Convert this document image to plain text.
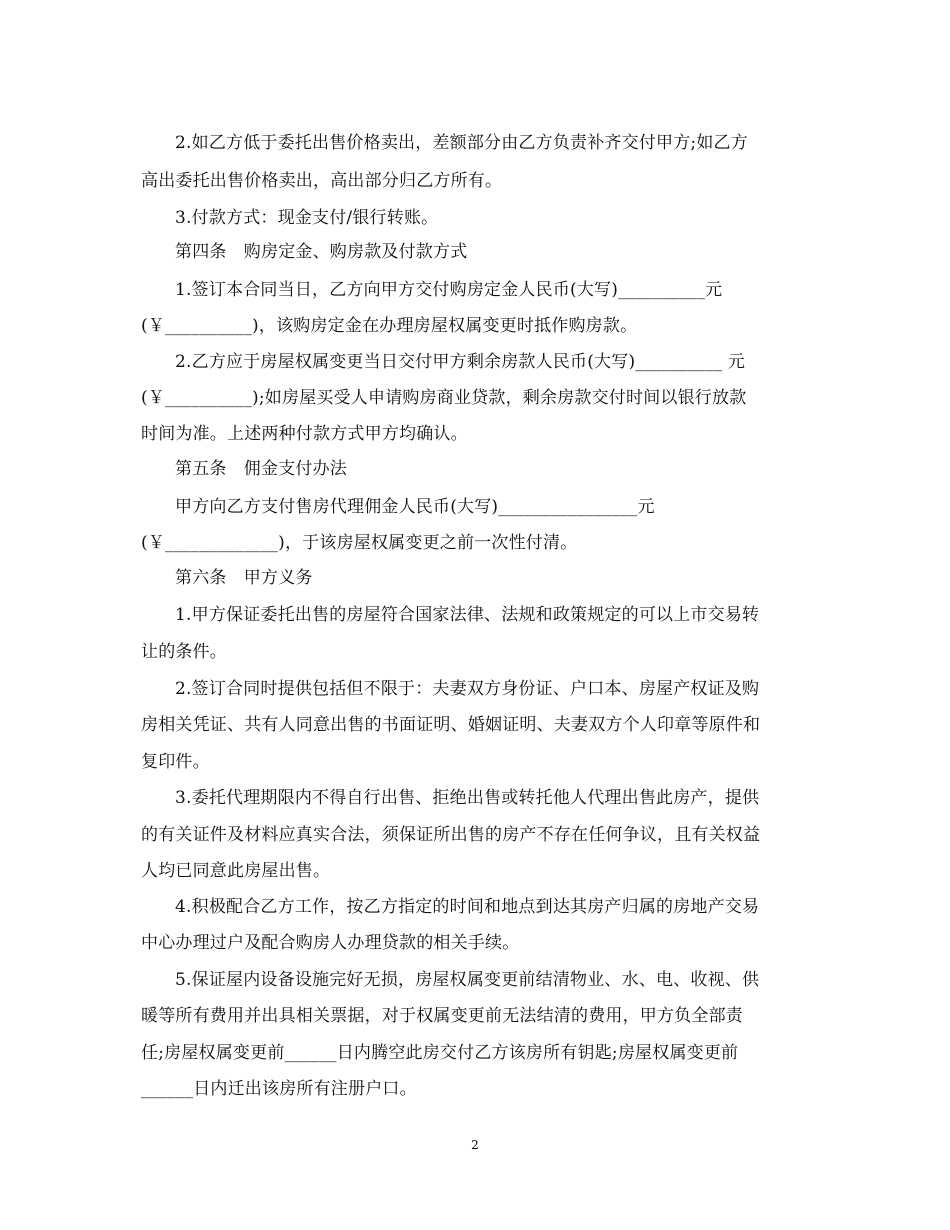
2.如乙方低于委托出售价格卖出，差额部分由乙方负责补齐交付甲方;如乙方
高出委托出售价格卖出，高出部分归乙方所有。
3.付款方式：现金支付/银行转账。
第四条　购房定金、购房款及付款方式
1.签订本合同当日，乙方向甲方交付购房定金人民币(大写)__________元
(￥__________)，该购房定金在办理房屋权属变更时抵作购房款。
2.乙方应于房屋权属变更当日交付甲方剩余房款人民币(大写)__________ 元
(￥__________);如房屋买受人申请购房商业贷款，剩余房款交付时间以银行放款
时间为准。上述两种付款方式甲方均确认。
第五条　佣金支付办法
甲方向乙方支付售房代理佣金人民币(大写)________________元
(￥_____________)，于该房屋权属变更之前一次性付清。
第六条　甲方义务
1.甲方保证委托出售的房屋符合国家法律、法规和政策规定的可以上市交易转
让的条件。
2.签订合同时提供包括但不限于：夫妻双方身份证、户口本、房屋产权证及购
房相关凭证、共有人同意出售的书面证明、婚姻证明、夫妻双方个人印章等原件和
复印件。
3.委托代理期限内不得自行出售、拒绝出售或转托他人代理出售此房产，提供
的有关证件及材料应真实合法，须保证所出售的房产不存在任何争议，且有关权益
人均已同意此房屋出售。
4.积极配合乙方工作，按乙方指定的时间和地点到达其房产归属的房地产交易
中心办理过户及配合购房人办理贷款的相关手续。
5.保证屋内设备设施完好无损，房屋权属变更前结清物业、水、电、收视、供
暖等所有费用并出具相关票据，对于权属变更前无法结清的费用，甲方负全部责
任;房屋权属变更前______日内腾空此房交付乙方该房所有钥匙;房屋权属变更前
______日内迁出该房所有注册户口。
2
